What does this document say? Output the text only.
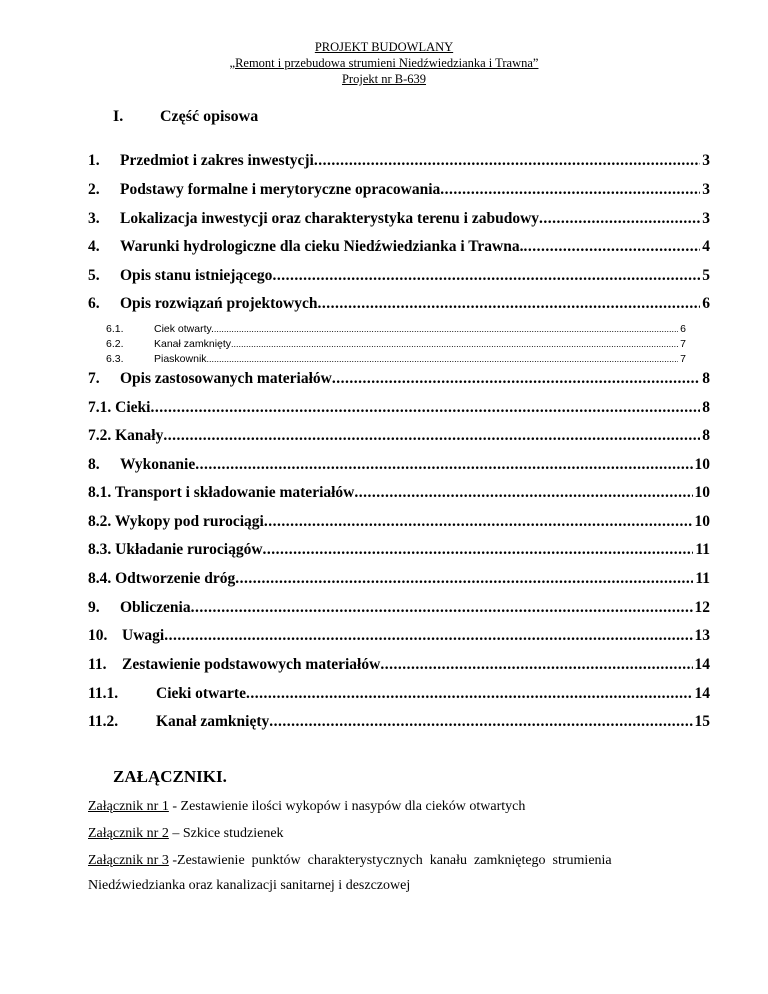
PROJEKT BUDOWLANY
„Remont i przebudowa strumieni Niedźwiedzianka i Trawna”
Projekt nr B-639
I. Część opisowa
1.	Przedmiot i zakres inwestycji .....	3
2.	Podstawy formalne i merytoryczne opracowania .....	3
3.	Lokalizacja inwestycji oraz charakterystyka terenu i zabudowy .....	3
4.	Warunki hydrologiczne dla cieku Niedźwiedzianka i Trawna. .....	4
5.	Opis stanu istniejącego .....	5
6.	Opis rozwiązań projektowych .....	6
6.1.	Ciek otwarty. .....	6
6.2.	Kanał zamknięty .....	7
6.3.	Piaskownik .....	7
7.	Opis zastosowanych materiałów .....	8
7.1. Cieki .....	8
7.2. Kanały .....	8
8.	Wykonanie .....	10
8.1. Transport i składowanie materiałów .....	10
8.2. Wykopy pod rurociągi .....	10
8.3. Układanie rurociągów .....	11
8.4. Odtworzenie dróg .....	11
9.	Obliczenia .....	12
10. Uwagi .....	13
11. Zestawienie podstawowych materiałów .....	14
11.1.	Cieki otwarte .....	14
11.2.	Kanał zamknięty .....	15
ZAŁĄCZNIKI.
Załącznik nr 1 - Zestawienie ilości wykopów i nasypów dla cieków otwartych
Załącznik nr 2 – Szkice studzienek
Załącznik nr 3 -Zestawienie  punktów  charakterystycznych  kanału  zamkniętego  strumienia
Niedźwiedzianka oraz kanalizacji sanitarnej i deszczowej
